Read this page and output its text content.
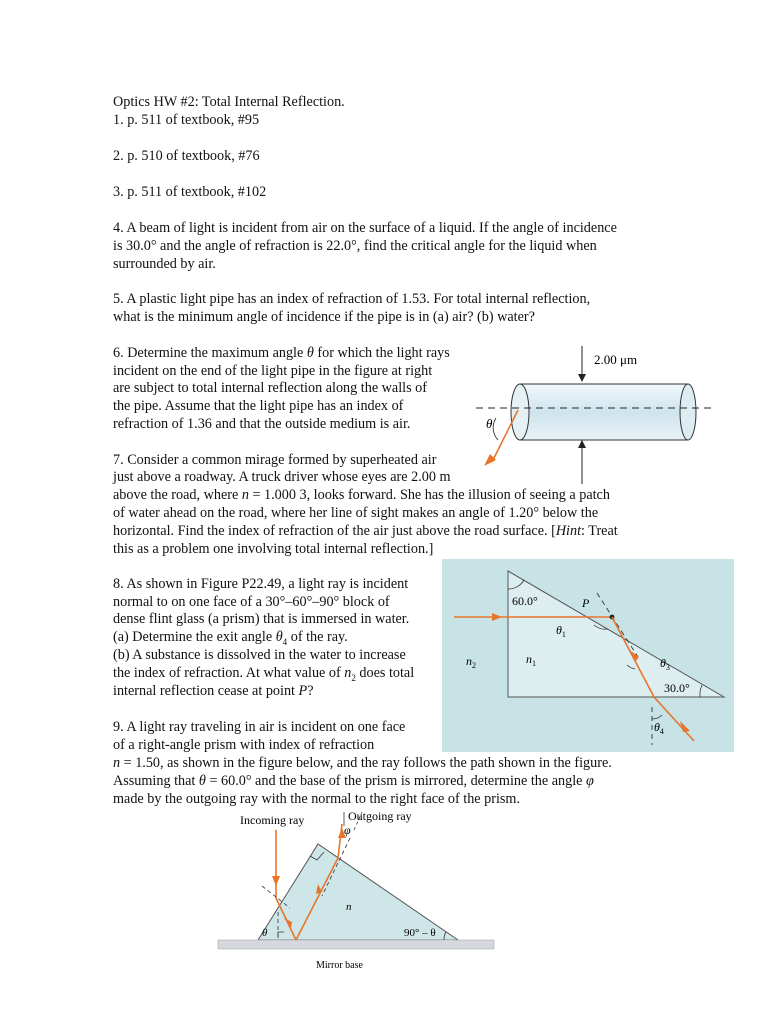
Optics HW #2: Total Internal Reflection.

1. p. 511 of textbook, #95

2. p. 510 of textbook, #76

3. p. 511 of textbook, #102

4. A beam of light is incident from air on the surface of a liquid. If the angle of incidence

is 30.0° and the angle of refraction is 22.0°, find the critical angle for the liquid when

surrounded by air.

5. A plastic light pipe has an index of refraction of 1.53. For total internal reflection,

what is the minimum angle of incidence if the pipe is in (a) air? (b) water?

6. Determine the maximum angle θ for which the light rays

incident on the end of the light pipe in the figure at right

are subject to total internal reflection along the walls of

the pipe. Assume that the light pipe has an index of

refraction of 1.36 and that the outside medium is air.

2.00 μm
θ

7. Consider a common mirage formed by superheated air

just above a roadway. A truck driver whose eyes are 2.00 m

above the road, where n = 1.000 3, looks forward. She has the illusion of seeing a patch

of water ahead on the road, where her line of sight makes an angle of 1.20° below the

horizontal. Find the index of refraction of the air just above the road surface. [Hint: Treat

this as a problem one involving total internal reflection.]

8. As shown in Figure P22.49, a light ray is incident

normal to on one face of a 30°–60°–90° block of

dense flint glass (a prism) that is immersed in water.

(a) Determine the exit angle $\theta_4$ of the ray.

(b) A substance is dissolved in the water to increase

the index of refraction. At what value of $n_2$ does total

internal reflection cease at point P?

60.0°	P
$\theta_1$
$\theta_3$
$\theta_4$
$n_2$	$n_1$
30.0°

9. A light ray traveling in air is incident on one face

of a right-angle prism with index of refraction

n = 1.50, as shown in the figure below, and the ray follows the path shown in the figure.

Assuming that θ = 60.0° and the base of the prism is mirrored, determine the angle φ

made by the outgoing ray with the normal to the right face of the prism.

Incoming ray	Outgoing ray
Mirror base
φ
n
θ	90° – θ
